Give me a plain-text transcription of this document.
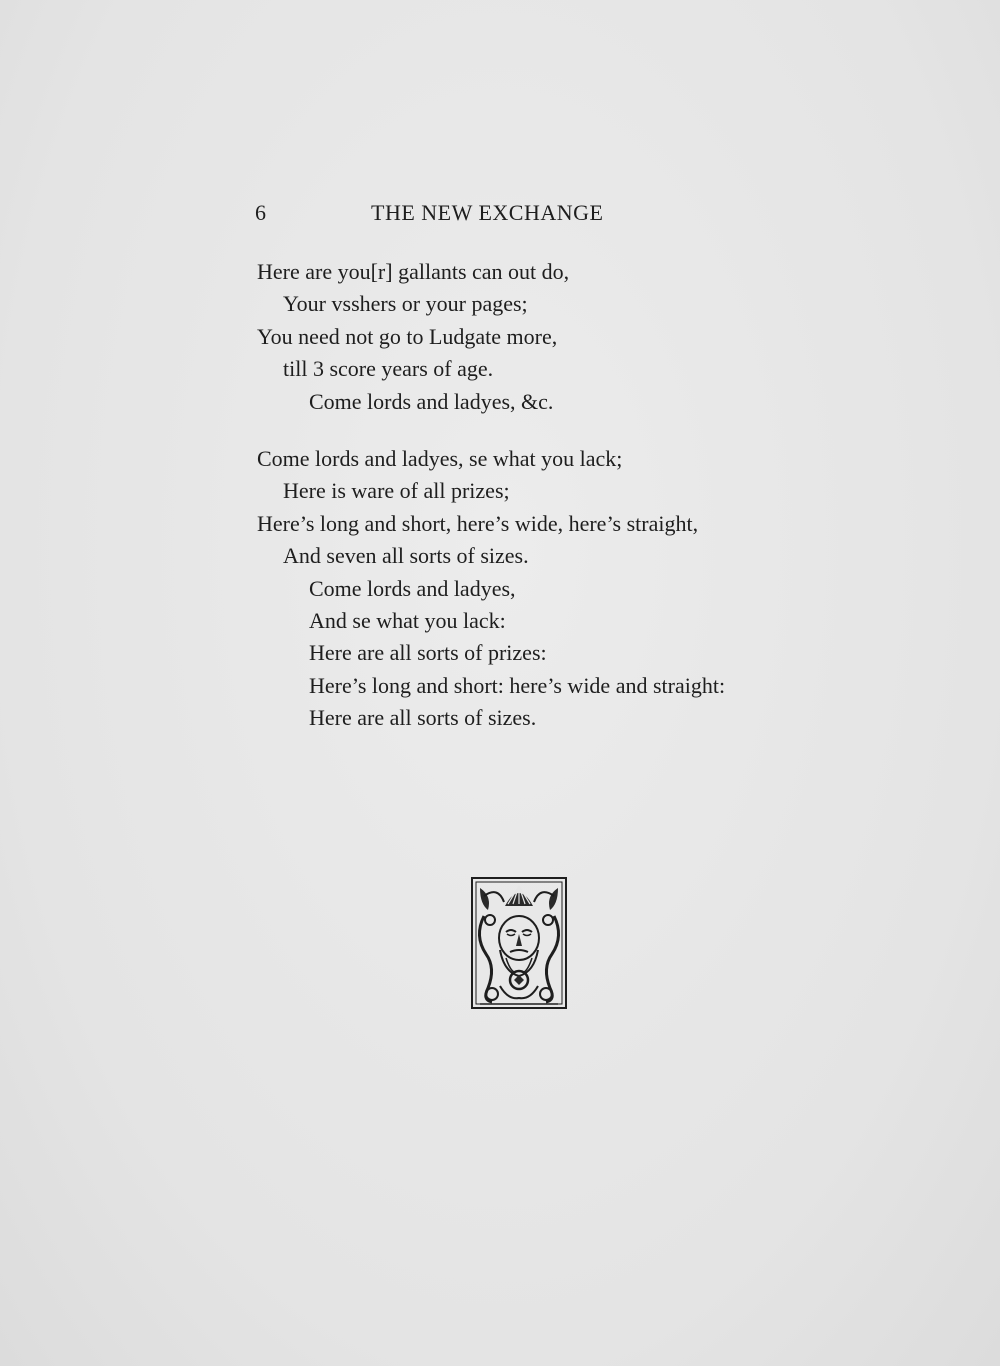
6	THE NEW EXCHANGE
Here are you[r] gallants can out do,
Your vsshers or your pages;
You need not go to Ludgate more,
till 3 score years of age.
Come lords and ladyes, &c.
Come lords and ladyes, se what you lack;
Here is ware of all prizes;
Here’s long and short, here’s wide, here’s straight,
And seven all sorts of sizes.
Come lords and ladyes,
And se what you lack:
Here are all sorts of prizes:
Here’s long and short: here’s wide and straight:
Here are all sorts of sizes.
